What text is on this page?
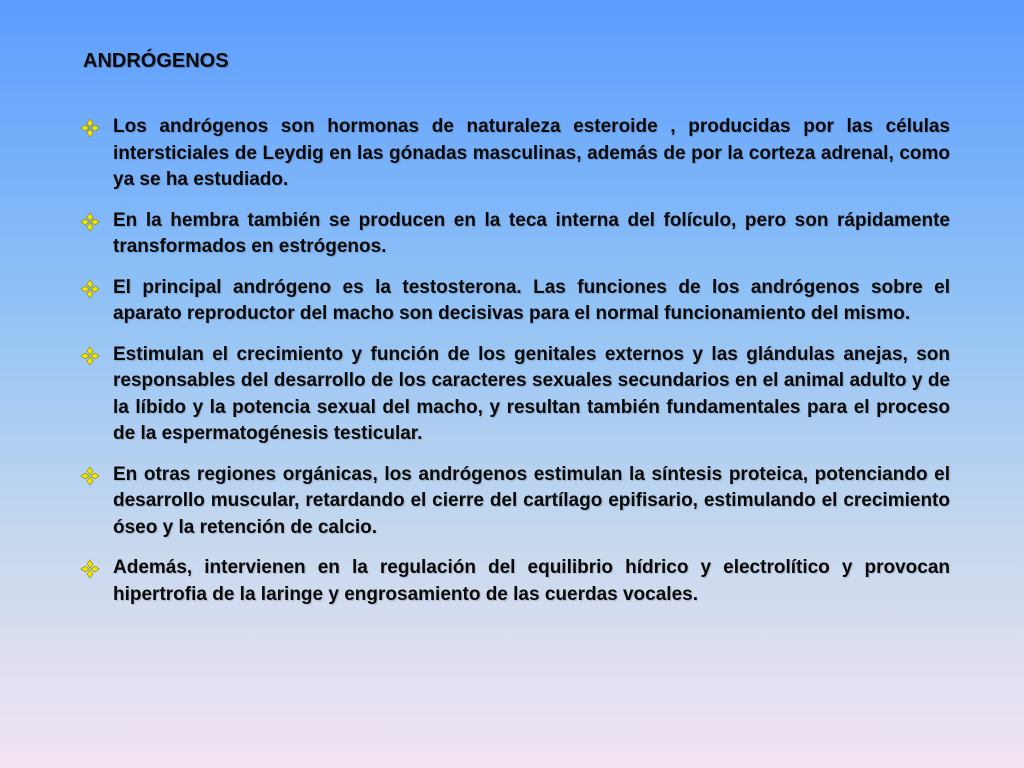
ANDRÓGENOS
Los andrógenos son hormonas de naturaleza esteroide , producidas por las células intersticiales de Leydig en las gónadas masculinas, además de por la corteza adrenal, como ya se ha estudiado.
En la hembra también se producen en la teca interna del folículo, pero son rápidamente transformados en estrógenos.
El principal andrógeno es la testosterona. Las funciones de los andrógenos sobre el aparato reproductor del macho son decisivas para el normal funcionamiento del mismo.
Estimulan el crecimiento y función de los genitales externos y las glándulas anejas, son responsables del desarrollo de los caracteres sexuales secundarios en el animal adulto y de la líbido y la potencia sexual del macho, y resultan también fundamentales para el proceso de la espermatogénesis testicular.
En otras regiones orgánicas, los andrógenos estimulan la síntesis proteica, potenciando el desarrollo muscular, retardando el cierre del cartílago epifisario, estimulando el crecimiento óseo y la retención de calcio.
Además, intervienen en la regulación del equilibrio hídrico y electrolítico y provocan hipertrofia de la laringe y engrosamiento de las cuerdas vocales.
